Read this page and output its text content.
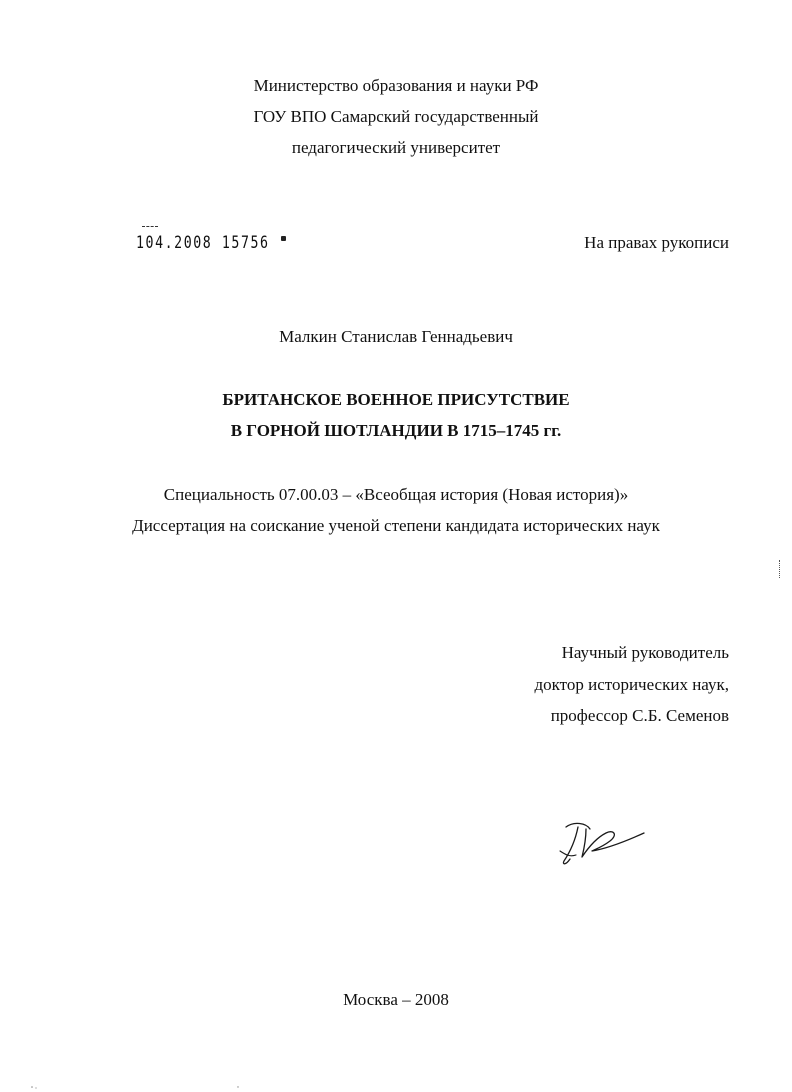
Министерство образования и науки РФ
ГОУ ВПО Самарский государственный
педагогический университет
104.2008 15756	На правах рукописи
Малкин Станислав Геннадьевич
БРИТАНСКОЕ ВОЕННОЕ ПРИСУТСТВИЕ
В ГОРНОЙ ШОТЛАНДИИ В 1715–1745 гг.
Специальность 07.00.03 – «Всеобщая история (Новая история)»
Диссертация на соискание ученой степени кандидата исторических наук
Научный руководитель
доктор исторических наук,
профессор С.Б. Семенов
Москва – 2008
